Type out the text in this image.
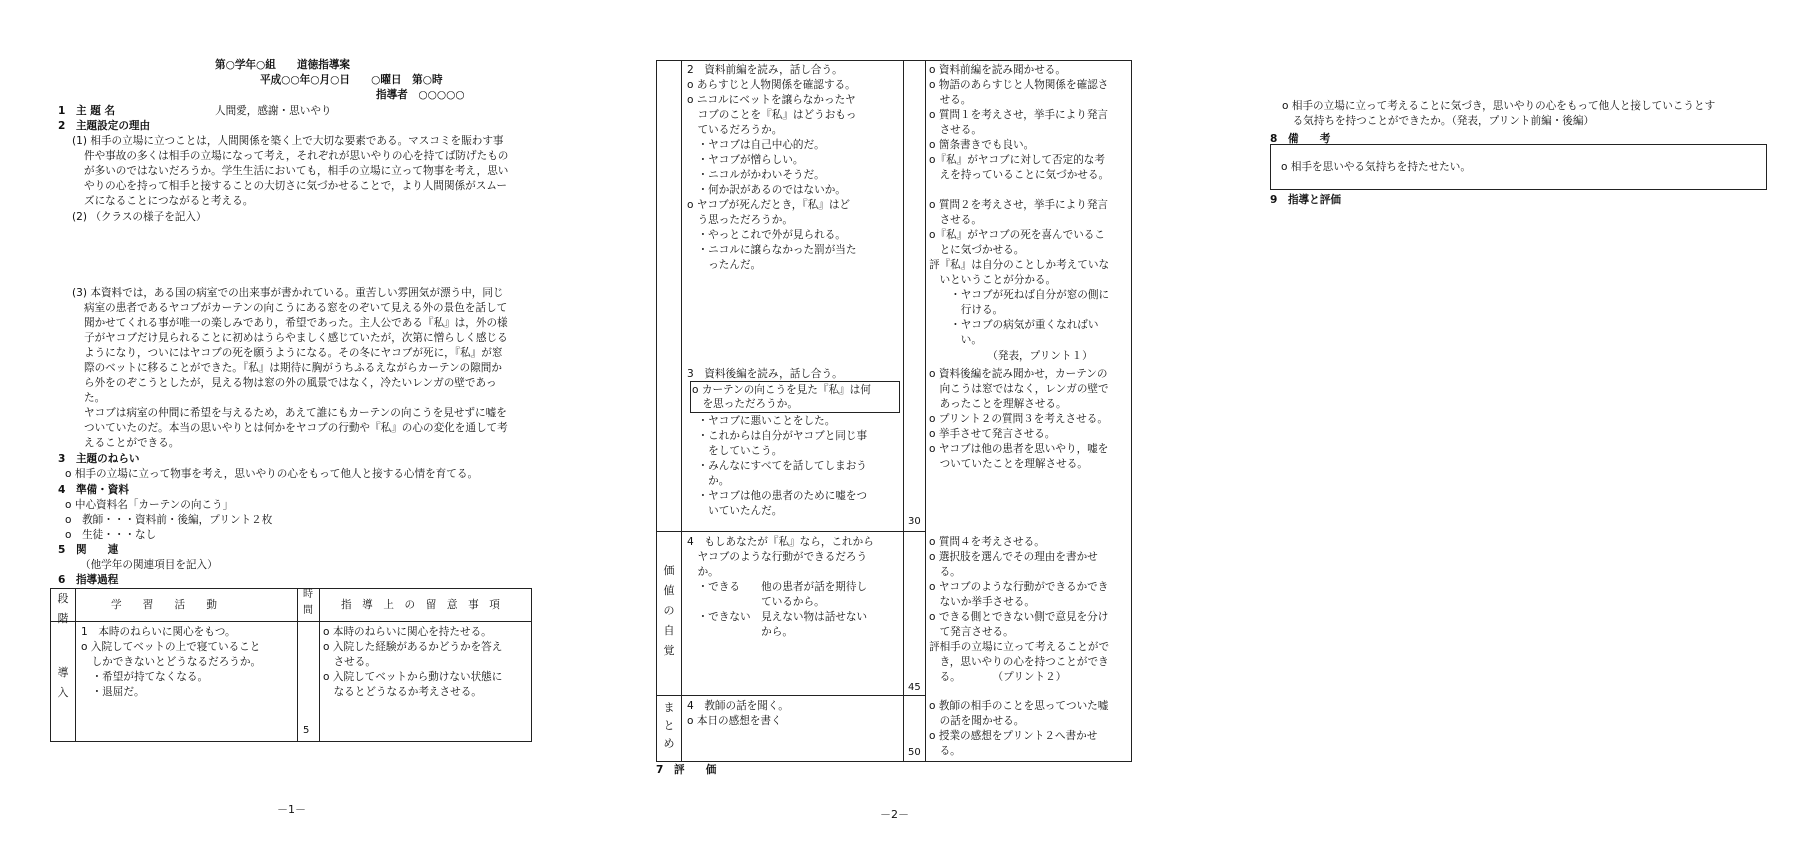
第○学年○組　　道徳指導案
平成○○年○月○日　　○曜日　第○時
指導者　○○○○○
1　主 題 名	人間愛，感謝・思いやり
2　主題設定の理由
(1) 相手の立場に立つことは，人間関係を築く上で大切な要素である。マスコミを賑わす事
件や事故の多くは相手の立場になって考え，それぞれが思いやりの心を持てば防げたもの
が多いのではないだろうか。学生生活においても，相手の立場に立って物事を考え，思い
やりの心を持って相手と接することの大切さに気づかせることで，より人間関係がスムー
ズになることにつながると考える。
(2) （クラスの様子を記入）
(3) 本資料では，ある国の病室での出来事が書かれている。重苦しい雰囲気が漂う中，同じ
病室の患者であるヤコブがカーテンの向こうにある窓をのぞいて見える外の景色を話して
聞かせてくれる事が唯一の楽しみであり，希望であった。主人公である『私』は，外の様
子がヤコブだけ見られることに初めはうらやましく感じていたが，次第に憎らしく感じる
ようになり，ついにはヤコブの死を願うようになる。その冬にヤコブが死に，『私』が窓
際のベットに移ることができた。『私』は期待に胸がうちふるえながらカーテンの隙間か
ら外をのぞこうとしたが，見える物は窓の外の風景ではなく，冷たいレンガの壁であっ
た。
ヤコブは病室の仲間に希望を与えるため，あえて誰にもカーテンの向こうを見せずに嘘を
ついていたのだ。本当の思いやりとは何かをヤコブの行動や『私』の心の変化を通して考
えることができる。
3　主題のねらい
o 相手の立場に立って物事を考え，思いやりの心をもって他人と接する心情を育てる。
4　準備・資料
o 中心資料名「カーテンの向こう」
o　教師・・・資料前・後編，プリント２枚
o　生徒・・・なし
5　関　　連
（他学年の関連項目を記入）
6　指導過程
段階
学　　習　　活　　動
時間	指　導　上　の　留　意　事　項
導入
1　本時のねらいに関心をもつ。
o 入院してベットの上で寝ていること
　しかできないとどうなるだろうか。
　・希望が持てなくなる。
　・退屈だ。
5
o 本時のねらいに関心を持たせる。
o 入院した経験があるかどうかを答え
　させる。
o 入院してベットから動けない状態に
　なるとどうなるか考えさせる。
－1－
2　資料前編を読み，話し合う。
o あらすじと人物関係を確認する。
o ニコルにベットを譲らなかったヤ
　コブのことを『私』はどうおもっ
　ているだろうか。
　・ヤコブは自己中心的だ。
　・ヤコブが憎らしい。
　・ニコルがかわいそうだ。
　・何か訳があるのではないか。
o ヤコブが死んだとき，『私』はど
　う思っただろうか。
　・やっとこれで外が見られる。
　・ニコルに譲らなかった罰が当た
　　ったんだ。
3　資料後編を読み，話し合う。
o カーテンの向こうを見た『私』は何
　を思っただろうか。
　・ヤコブに悪いことをした。
　・これからは自分がヤコブと同じ事
　　をしていこう。
　・みんなにすべてを話してしまおう
　　か。
　・ヤコブは他の患者のために嘘をつ
　　いていたんだ。
o 資料前編を読み聞かせる。
o 物語のあらすじと人物関係を確認さ
　せる。
o 質問１を考えさせ，挙手により発言
　させる。
o 箇条書きでも良い。
o『私』がヤコブに対して否定的な考
　えを持っていることに気づかせる。
o 質問２を考えさせ，挙手により発言
　させる。
o『私』がヤコブの死を喜んでいるこ
　とに気づかせる。
評『私』は自分のことしか考えていな
　いということが分かる。
　　・ヤコブが死ねば自分が窓の側に
　　　行ける。
　　・ヤコブの病気が重くなればい
　　　い。
　　　　　　（発表，プリント１）
o 資料後編を読み聞かせ，カーテンの
　向こうは窓ではなく，レンガの壁で
　あったことを理解させる。
o プリント２の質問３を考えさせる。
o 挙手させて発言させる。
o ヤコブは他の患者を思いやり，嘘を
　ついていたことを理解させる。
30
価値の自覚
4　もしあなたが『私』なら，これから
　ヤコブのような行動ができるだろう
　か。
　・できる　　他の患者が話を期待し
　　　　　　　ているから。
　・できない　見えない物は話せない
　　　　　　　から。
o 質問４を考えさせる。
o 選択肢を選んでその理由を書かせ
　る。
o ヤコブのような行動ができるかでき
　ないか挙手させる。
o できる側とできない側で意見を分け
　て発言させる。
評相手の立場に立って考えることがで
　き，思いやりの心を持つことができ
　る。　　　　（プリント２）
45
まとめ
4　教師の話を聞く。
o 本日の感想を書く
o 教師の相手のことを思ってついた嘘
　の話を聞かせる。
o 授業の感想をプリント２へ書かせ
　る。
50
7　評　　価
－2－
o 相手の立場に立って考えることに気づき，思いやりの心をもって他人と接していこうとす
　る気持ちを持つことができたか。（発表，プリント前編・後編）
8　備　　考
o 相手を思いやる気持ちを持たせたい。
9　指導と評価
